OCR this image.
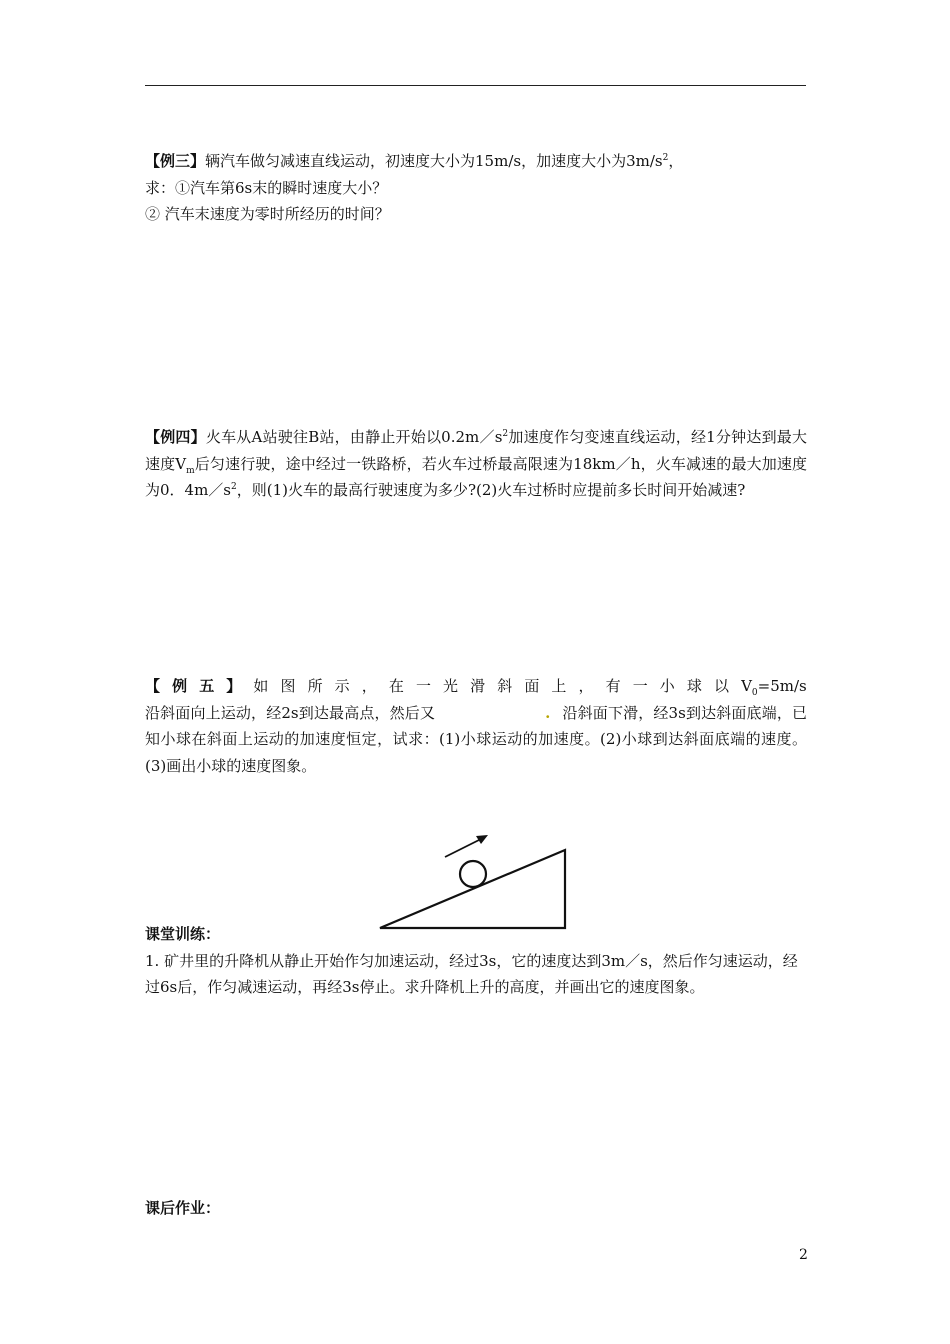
【例三】辆汽车做匀减速直线运动，初速度大小为15m/s，加速度大小为$3m/s^2$，

求：①汽车第6s末的瞬时速度大小？

② 汽车末速度为零时所经历的时间？

【例四】火车从A站驶往B站，由静止开始以$0.2m/s^2$加速度作匀变速直线运动，经1分钟达到最大速度$V_m$后匀速行驶，途中经过一铁路桥，若火车过桥最高限速为18km／h，火车减速的最大加速度为0．$4m/s^2$，则(1)火车的最高行驶速度为多少?(2)火车过桥时应提前多长时间开始减速?

【 例 五 】 如 图 所 示 ， 在 一 光 滑 斜 面 上 ， 有 一 小 球 以 $V_0=5m/s$

沿斜面向上运动，经2s到达最高点，然后又	. 沿斜面下滑，经3s到达斜面底端，已知小球在斜面上运动的加速度恒定，试求：(1)小球运动的加速度。(2)小球到达斜面底端的速度。(3)画出小球的速度图象。

课堂训练：

1. 矿井里的升降机从静止开始作匀加速运动，经过3s，它的速度达到3m／s，然后作匀速运动，经过6s后，作匀减速运动，再经3s停止。求升降机上升的高度，并画出它的速度图象。

课后作业：
2
